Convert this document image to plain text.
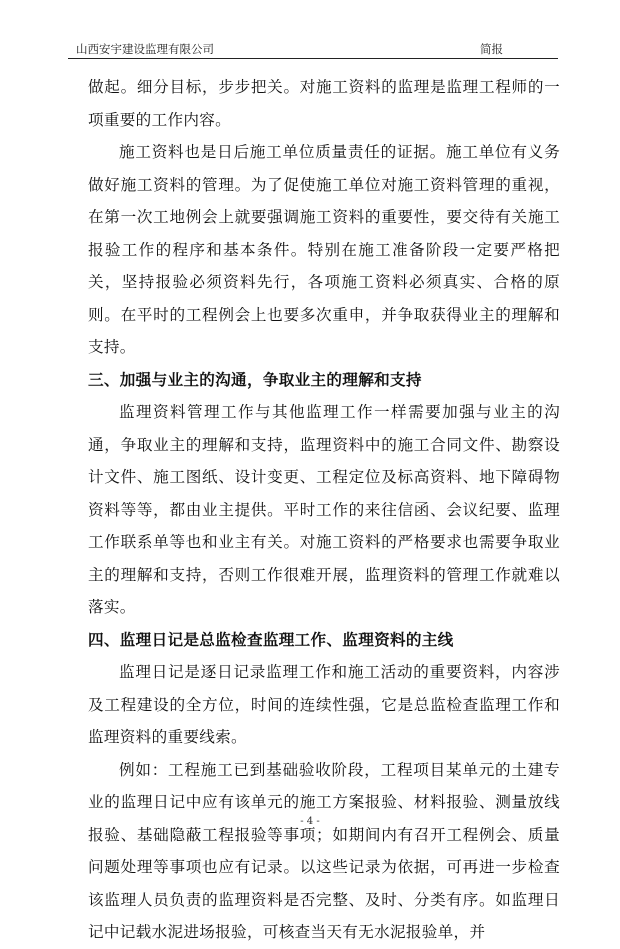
山西安宇建设监理有限公司	简报

做起。细分目标，步步把关。对施工资料的监理是监理工程师的一项重要的工作内容。

施工资料也是日后施工单位质量责任的证据。施工单位有义务做好施工资料的管理。为了促使施工单位对施工资料管理的重视，在第一次工地例会上就要强调施工资料的重要性，要交待有关施工报验工作的程序和基本条件。特别在施工准备阶段一定要严格把关，坚持报验必须资料先行，各项施工资料必须真实、合格的原则。在平时的工程例会上也要多次重申，并争取获得业主的理解和支持。

三、加强与业主的沟通，争取业主的理解和支持

监理资料管理工作与其他监理工作一样需要加强与业主的沟通，争取业主的理解和支持，监理资料中的施工合同文件、勘察设计文件、施工图纸、设计变更、工程定位及标高资料、地下障碍物资料等等，都由业主提供。平时工作的来往信函、会议纪要、监理工作联系单等也和业主有关。对施工资料的严格要求也需要争取业主的理解和支持，否则工作很难开展，监理资料的管理工作就难以落实。

四、监理日记是总监检查监理工作、监理资料的主线

监理日记是逐日记录监理工作和施工活动的重要资料，内容涉及工程建设的全方位，时间的连续性强，它是总监检查监理工作和监理资料的重要线索。

例如：工程施工已到基础验收阶段，工程项目某单元的土建专业的监理日记中应有该单元的施工方案报验、材料报验、测量放线报验、基础隐蔽工程报验等事项；如期间内有召开工程例会、质量问题处理等事项也应有记录。以这些记录为依据，可再进一步检查该监理人员负责的监理资料是否完整、及时、分类有序。如监理日记中记载水泥进场报验，可核查当天有无水泥报验单，并

- 4 -
